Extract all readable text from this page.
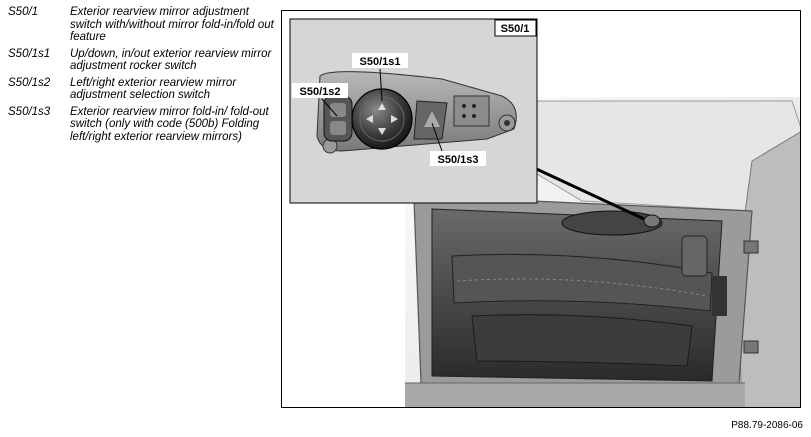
S50/1	Exterior rearview mirror adjustment switch with/without mirror fold-in/fold out feature
S50/1s1	Up/down, in/out exterior rearview mirror adjustment rocker switch
S50/1s2	Left/right exterior rearview mirror adjustment selection switch
S50/1s3	Exterior rearview mirror fold-in/ fold-out switch (only with code (500b) Folding left/right exterior rearview mirrors)
S50/1
S50/1s1
S50/1s2
S50/1s3
P88.79-2086-06
